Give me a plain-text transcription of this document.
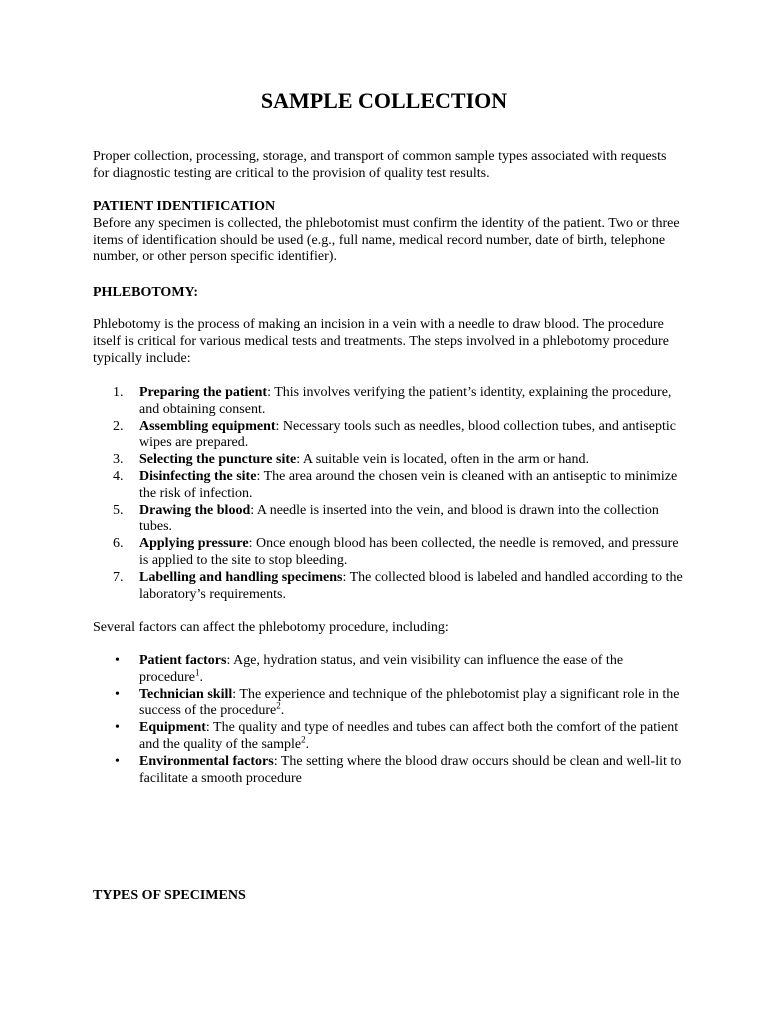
SAMPLE COLLECTION

Proper collection, processing, storage, and transport of common sample types associated with requests for diagnostic testing are critical to the provision of quality test results.

PATIENT IDENTIFICATION
Before any specimen is collected, the phlebotomist must confirm the identity of the patient. Two or three items of identification should be used (e.g., full name, medical record number, date of birth, telephone number, or other person specific identifier).
PHLEBOTOMY:

Phlebotomy is the process of making an incision in a vein with a needle to draw blood. The procedure itself is critical for various medical tests and treatments. The steps involved in a phlebotomy procedure typically include:

1. Preparing the patient: This involves verifying the patient’s identity, explaining the procedure, and obtaining consent.
2. Assembling equipment: Necessary tools such as needles, blood collection tubes, and antiseptic wipes are prepared.
3. Selecting the puncture site: A suitable vein is located, often in the arm or hand.
4. Disinfecting the site: The area around the chosen vein is cleaned with an antiseptic to minimize the risk of infection.
5. Drawing the blood: A needle is inserted into the vein, and blood is drawn into the collection tubes.
6. Applying pressure: Once enough blood has been collected, the needle is removed, and pressure is applied to the site to stop bleeding.
7. Labelling and handling specimens: The collected blood is labeled and handled according to the laboratory’s requirements.

Several factors can affect the phlebotomy procedure, including:

• Patient factors: Age, hydration status, and vein visibility can influence the ease of the procedure$^1$.
• Technician skill: The experience and technique of the phlebotomist play a significant role in the success of the procedure$^2$.
• Equipment: The quality and type of needles and tubes can affect both the comfort of the patient and the quality of the sample$^2$.
• Environmental factors: The setting where the blood draw occurs should be clean and well-lit to facilitate a smooth procedure
TYPES OF SPECIMENS
